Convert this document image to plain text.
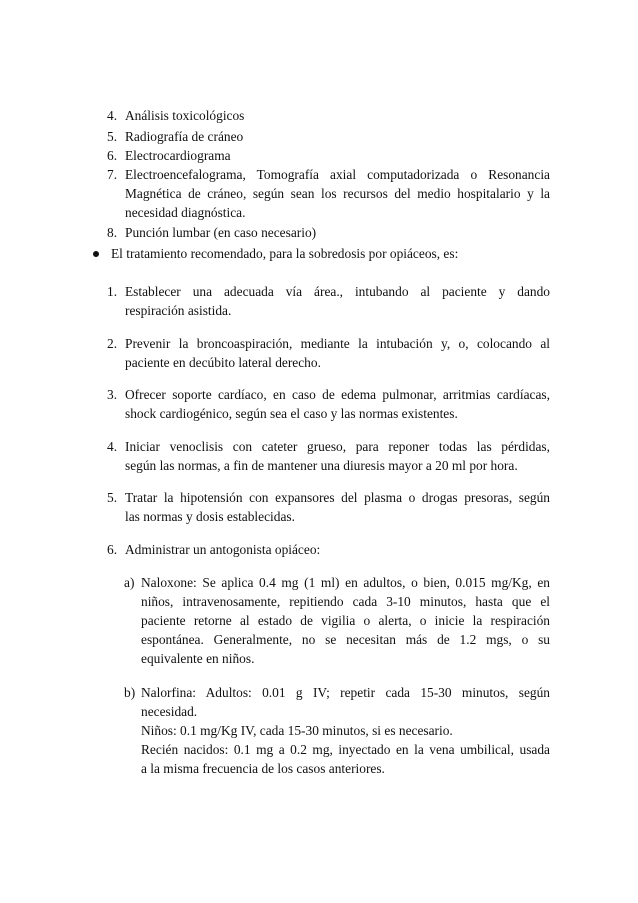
4. Análisis toxicológicos
5. Radiografía de cráneo
6. Electrocardiograma
7. Electroencefalograma, Tomografía axial computadorizada o Resonancia
Magnética de cráneo, según sean los recursos del medio hospitalario y la
necesidad diagnóstica.
8. Punción lumbar (en caso necesario)
El tratamiento recomendado, para la sobredosis por opiáceos, es:
1. Establecer una adecuada vía área., intubando al paciente y dando
respiración asistida.
2. Prevenir la broncoaspiración, mediante la intubación y, o, colocando al
paciente en decúbito lateral derecho.
3. Ofrecer soporte cardíaco, en caso de edema pulmonar, arritmias cardíacas,
shock cardiogénico, según sea el caso y las normas existentes.
4. Iniciar venoclisis con cateter grueso, para reponer todas las pérdidas,
según las normas, a fin de mantener una diuresis mayor a 20 ml por hora.
5. Tratar la hipotensión con expansores del plasma o drogas presoras, según
las normas y dosis establecidas.
6. Administrar un antogonista opiáceo:
a) Naloxone: Se aplica 0.4 mg (1 ml) en adultos, o bien, 0.015 mg/Kg, en
niños, intravenosamente, repitiendo cada 3-10 minutos, hasta que el
paciente retorne al estado de vigilia o alerta, o inicie la respiración
espontánea. Generalmente, no se necesitan más de 1.2 mgs, o su
equivalente en niños.
b) Nalorfina: Adultos: 0.01 g IV; repetir cada 15-30 minutos, según
necesidad.
Niños: 0.1 mg/Kg IV, cada 15-30 minutos, si es necesario.
Recién nacidos: 0.1 mg a 0.2 mg, inyectado en la vena umbilical, usada
a la misma frecuencia de los casos anteriores.
